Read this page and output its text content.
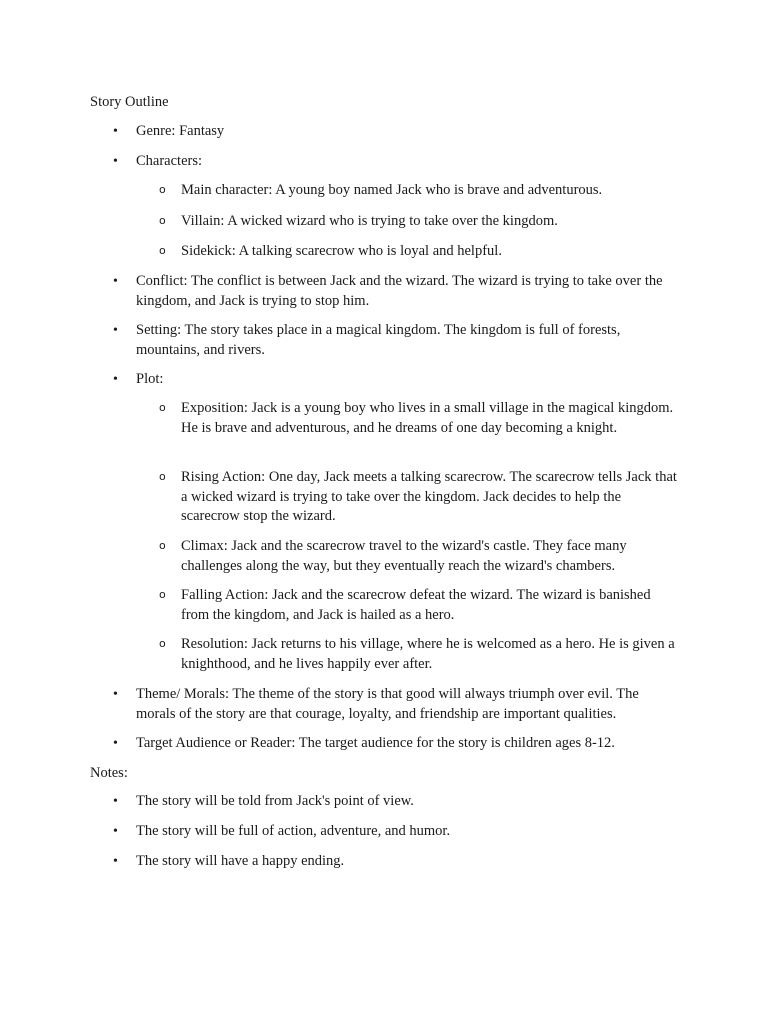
Story Outline
• Genre: Fantasy
• Characters:
o Main character: A young boy named Jack who is brave and adventurous.
o Villain: A wicked wizard who is trying to take over the kingdom.
o Sidekick: A talking scarecrow who is loyal and helpful.
• Conflict: The conflict is between Jack and the wizard. The wizard is trying to take over the kingdom, and Jack is trying to stop him.
• Setting: The story takes place in a magical kingdom. The kingdom is full of forests, mountains, and rivers.
• Plot:
o Exposition: Jack is a young boy who lives in a small village in the magical kingdom. He is brave and adventurous, and he dreams of one day becoming a knight.
o Rising Action: One day, Jack meets a talking scarecrow. The scarecrow tells Jack that a wicked wizard is trying to take over the kingdom. Jack decides to help the scarecrow stop the wizard.
o Climax: Jack and the scarecrow travel to the wizard's castle. They face many challenges along the way, but they eventually reach the wizard's chambers.
o Falling Action: Jack and the scarecrow defeat the wizard. The wizard is banished from the kingdom, and Jack is hailed as a hero.
o Resolution: Jack returns to his village, where he is welcomed as a hero. He is given a knighthood, and he lives happily ever after.
• Theme/ Morals: The theme of the story is that good will always triumph over evil. The morals of the story are that courage, loyalty, and friendship are important qualities.
• Target Audience or Reader: The target audience for the story is children ages 8-12.
Notes:
• The story will be told from Jack's point of view.
• The story will be full of action, adventure, and humor.
• The story will have a happy ending.
